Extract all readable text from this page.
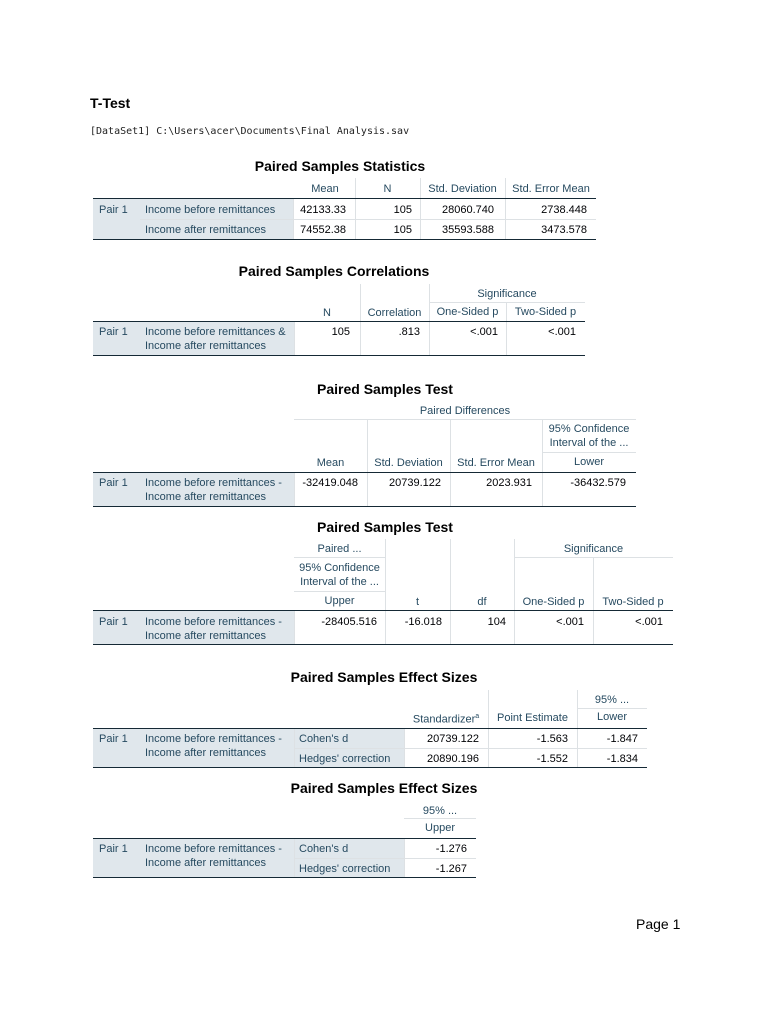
T-Test
[DataSet1] C:\Users\acer\Documents\Final Analysis.sav
Paired Samples Statistics
Mean	N	Std. Deviation	Std. Error Mean
Pair 1 Income before remittances	42133.33	105	28060.740	2738.448
Income after remittances	74552.38	105	35593.588	3473.578
Paired Samples Correlations
Significance
N	Correlation	One-Sided p	Two-Sided p
Pair 1 Income before remittances &
Income after remittances
105	.813	<.001	<.001
Paired Samples Test
Paired Differences
95% Confidence
Interval of the ...
Mean	Std. Deviation	Std. Error Mean	Lower
Pair 1 Income before remittances -
Income after remittances
-32419.048	20739.122	2023.931	-36432.579
Paired Samples Test
Paired ...	Significance
95% Confidence
Interval of the ...
Upper	t	df	One-Sided p	Two-Sided p
Pair 1 Income before remittances -
Income after remittances
-28405.516	-16.018	104	<.001	<.001
Paired Samples Effect Sizes
95% ...
Standardizer$^a$	Point Estimate	Lower
Pair 1 Income before remittances -
Income after remittances
Cohen's d	20739.122	-1.563	-1.847
Hedges' correction	20890.196	-1.552	-1.834
Paired Samples Effect Sizes
95% ...
Upper
Pair 1 Income before remittances -
Income after remittances
Cohen's d	-1.276
Hedges' correction	-1.267
Page 1
